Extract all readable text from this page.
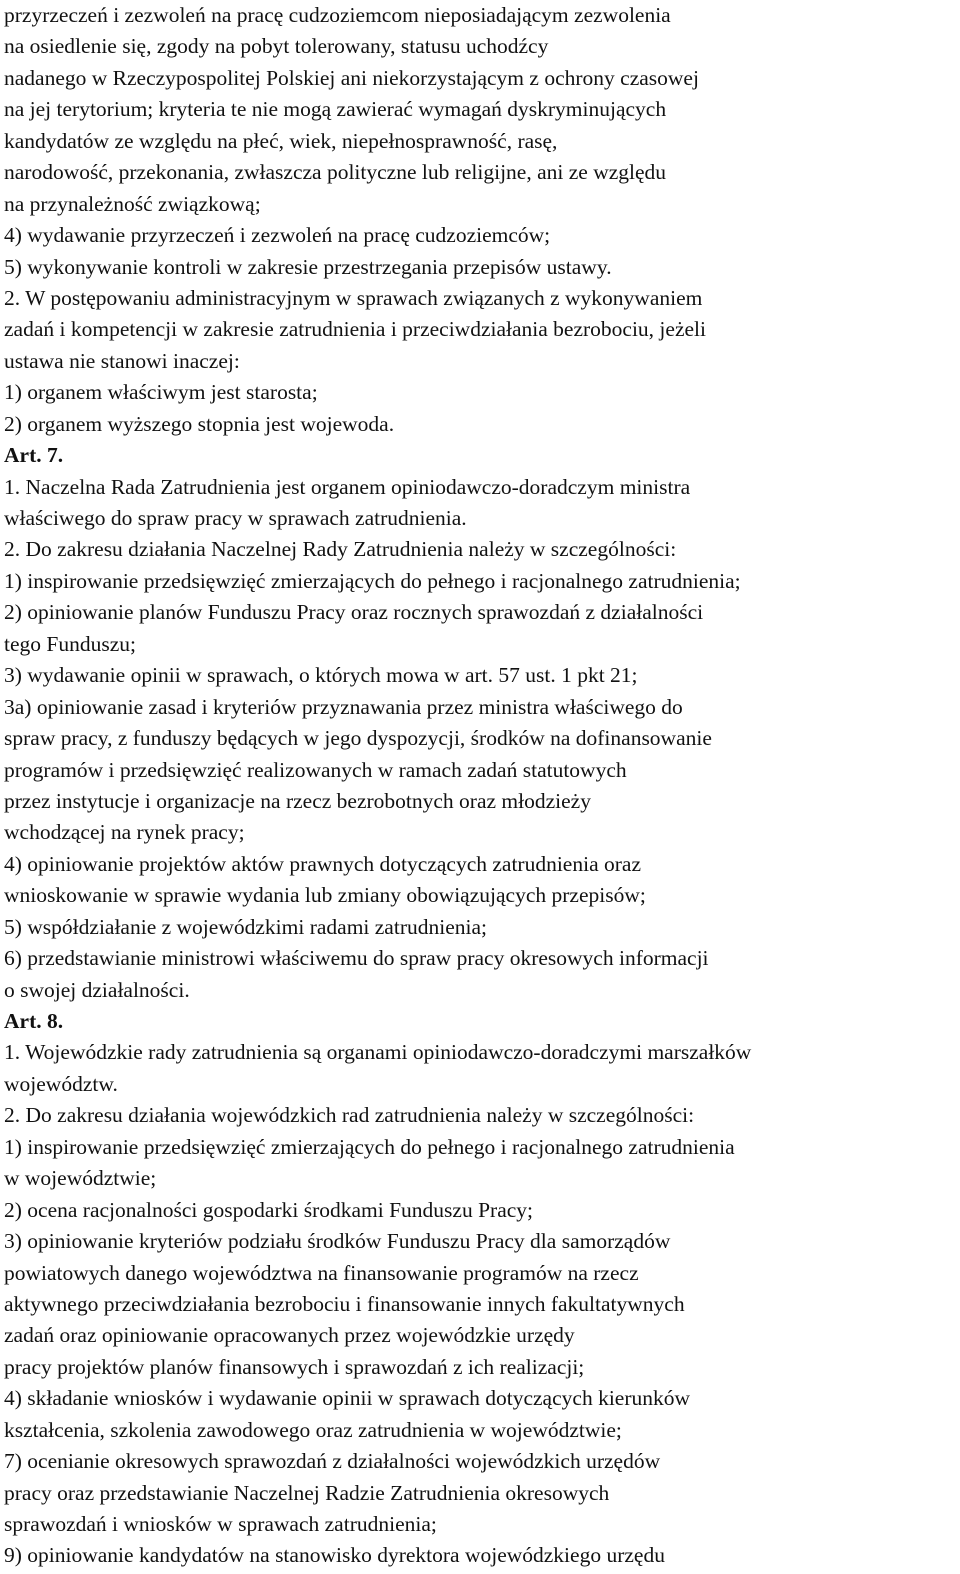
przyrzeczeń i zezwoleń na pracę cudzoziemcom nieposiadającym zezwolenia
na osiedlenie się, zgody na pobyt tolerowany, statusu uchodźcy
nadanego w Rzeczypospolitej Polskiej ani niekorzystającym z ochrony czasowej
na jej terytorium; kryteria te nie mogą zawierać wymagań dyskryminujących
kandydatów ze względu na płeć, wiek, niepełnosprawność, rasę,
narodowość, przekonania, zwłaszcza polityczne lub religijne, ani ze względu
na przynależność związkową;
4) wydawanie przyrzeczeń i zezwoleń na pracę cudzoziemców;
5) wykonywanie kontroli w zakresie przestrzegania przepisów ustawy.
2. W postępowaniu administracyjnym w sprawach związanych z wykonywaniem
zadań i kompetencji w zakresie zatrudnienia i przeciwdziałania bezrobociu, jeżeli
ustawa nie stanowi inaczej:
1) organem właściwym jest starosta;
2) organem wyższego stopnia jest wojewoda.
Art. 7.
1. Naczelna Rada Zatrudnienia jest organem opiniodawczo-doradczym ministra
właściwego do spraw pracy w sprawach zatrudnienia.
2. Do zakresu działania Naczelnej Rady Zatrudnienia należy w szczególności:
1) inspirowanie przedsięwzięć zmierzających do pełnego i racjonalnego zatrudnienia;
2) opiniowanie planów Funduszu Pracy oraz rocznych sprawozdań z działalności
tego Funduszu;
3) wydawanie opinii w sprawach, o których mowa w art. 57 ust. 1 pkt 21;
3a) opiniowanie zasad i kryteriów przyznawania przez ministra właściwego do
spraw pracy, z funduszy będących w jego dyspozycji, środków na dofinansowanie
programów i przedsięwzięć realizowanych w ramach zadań statutowych
przez instytucje i organizacje na rzecz bezrobotnych oraz młodzieży
wchodzącej na rynek pracy;
4) opiniowanie projektów aktów prawnych dotyczących zatrudnienia oraz
wnioskowanie w sprawie wydania lub zmiany obowiązujących przepisów;
5) współdziałanie z wojewódzkimi radami zatrudnienia;
6) przedstawianie ministrowi właściwemu do spraw pracy okresowych informacji
o swojej działalności.
Art. 8.
1. Wojewódzkie rady zatrudnienia są organami opiniodawczo-doradczymi marszałków
województw.
2. Do zakresu działania wojewódzkich rad zatrudnienia należy w szczególności:
1) inspirowanie przedsięwzięć zmierzających do pełnego i racjonalnego zatrudnienia
w województwie;
2) ocena racjonalności gospodarki środkami Funduszu Pracy;
3) opiniowanie kryteriów podziału środków Funduszu Pracy dla samorządów
powiatowych danego województwa na finansowanie programów na rzecz
aktywnego przeciwdziałania bezrobociu i finansowanie innych fakultatywnych
zadań oraz opiniowanie opracowanych przez wojewódzkie urzędy
pracy projektów planów finansowych i sprawozdań z ich realizacji;
4) składanie wniosków i wydawanie opinii w sprawach dotyczących kierunków
kształcenia, szkolenia zawodowego oraz zatrudnienia w województwie;
7) ocenianie okresowych sprawozdań z działalności wojewódzkich urzędów
pracy oraz przedstawianie Naczelnej Radzie Zatrudnienia okresowych
sprawozdań i wniosków w sprawach zatrudnienia;
9) opiniowanie kandydatów na stanowisko dyrektora wojewódzkiego urzędu
